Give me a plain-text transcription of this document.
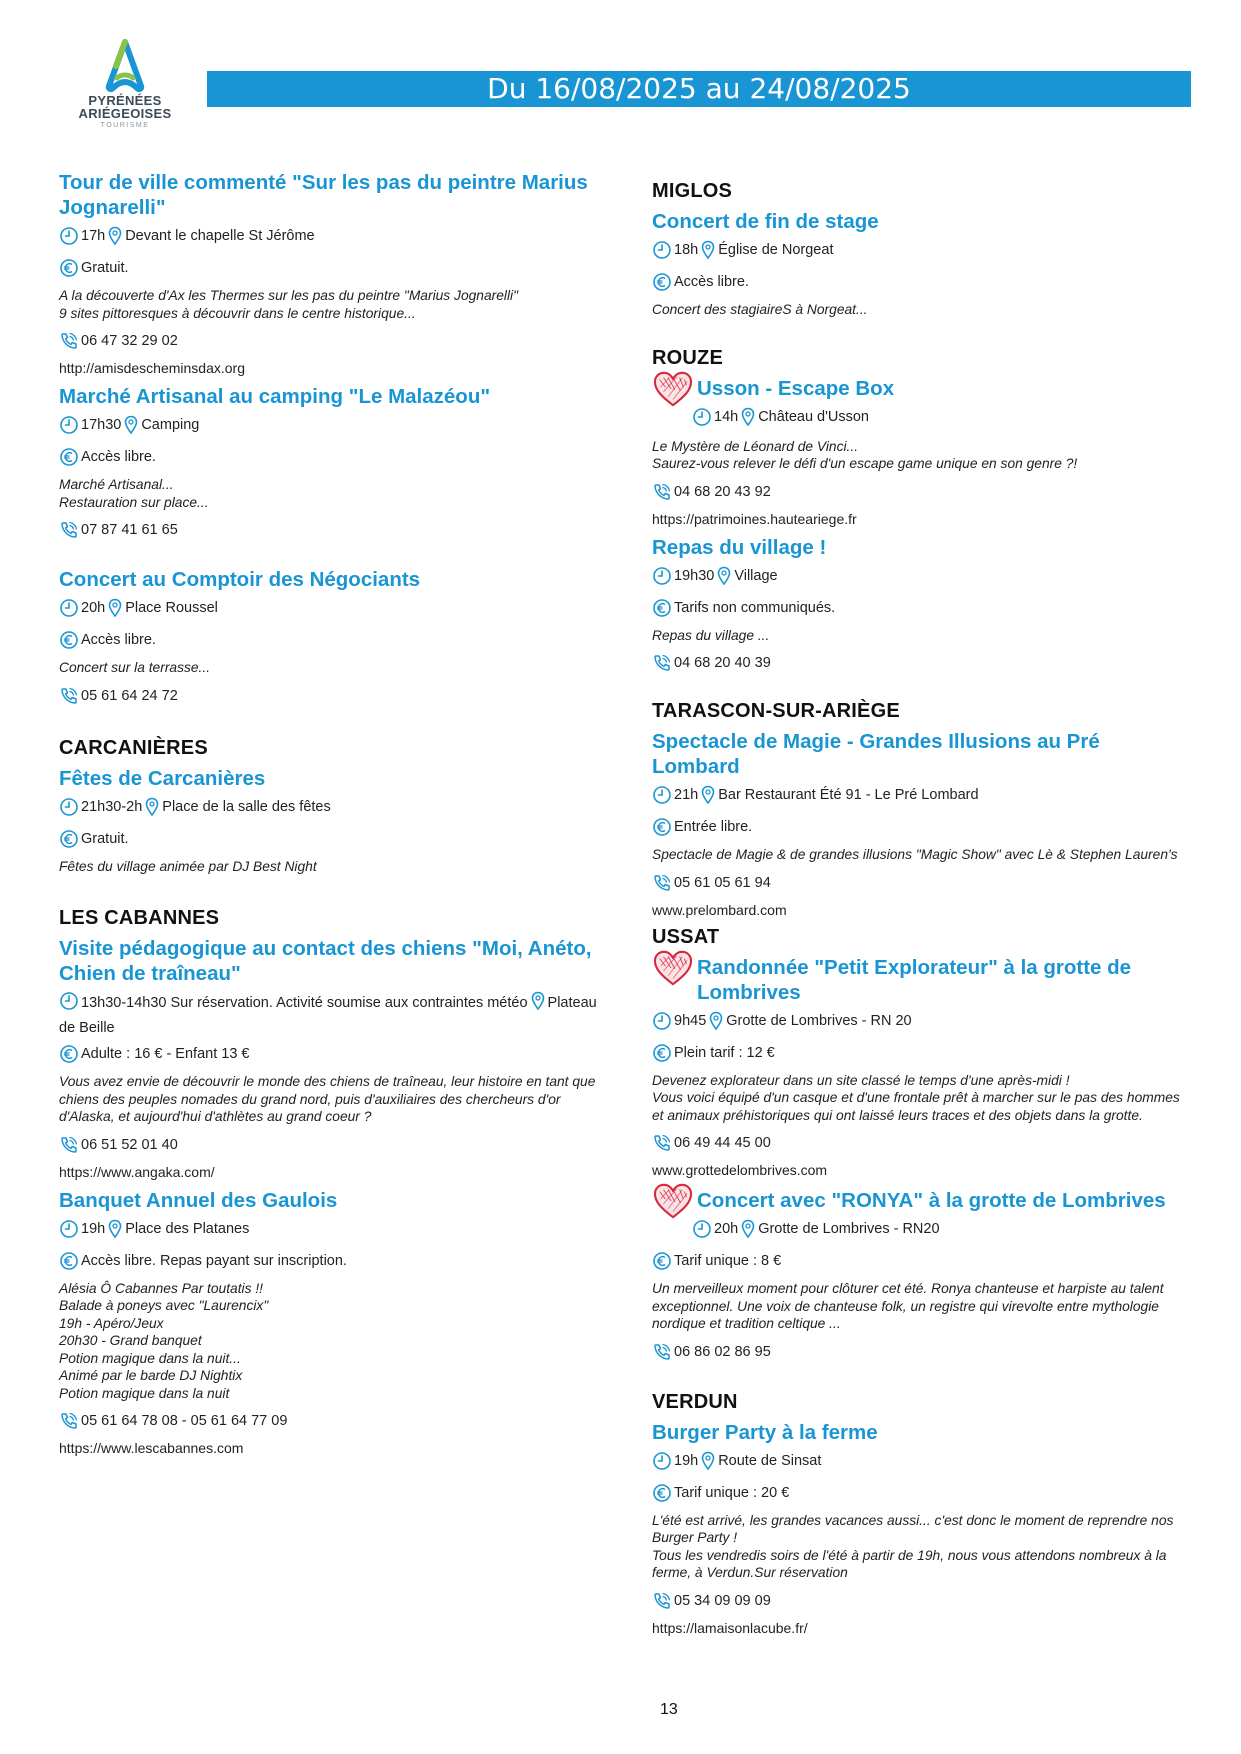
PYRÉNÉES
ARIÉGEOISES
TOURISME
Du 16/08/2025 au 24/08/2025
Tour de ville commenté "Sur les pas du peintre Marius Jognarelli"
17h Devant le chapelle St Jérôme
Gratuit.
A la découverte d'Ax les Thermes sur les pas du peintre "Marius Jognarelli"
9 sites pittoresques à découvrir dans le centre historique...
06 47 32 29 02
http://amisdescheminsdax.org
Marché Artisanal au camping "Le Malazéou"
17h30 Camping
Accès libre.
Marché Artisanal...
Restauration sur place...
07 87 41 61 65
Concert au Comptoir des Négociants
20h Place Roussel
Accès libre.
Concert sur la terrasse...
05 61 64 24 72
CARCANIÈRES
Fêtes de Carcanières
21h30-2h Place de la salle des fêtes
Gratuit.
Fêtes du village animée par DJ Best Night
LES CABANNES
Visite pédagogique au contact des chiens "Moi, Anéto, Chien de traîneau"
13h30-14h30 Sur réservation. Activité soumise aux contraintes météo Plateau de Beille
Adulte : 16 € - Enfant 13 €
Vous avez envie de découvrir le monde des chiens de traîneau, leur histoire en tant que chiens des peuples nomades du grand nord, puis d'auxiliaires des chercheurs d'or d'Alaska, et aujourd'hui d'athlètes au grand coeur ?
06 51 52 01 40
https://www.angaka.com/
Banquet Annuel des Gaulois
19h Place des Platanes
Accès libre. Repas payant sur inscription.
Alésia Ô Cabannes Par toutatis !!
Balade à poneys avec "Laurencix"
19h - Apéro/Jeux
20h30 - Grand banquet
Potion magique dans la nuit...
Animé par le barde DJ Nightix
Potion magique dans la nuit
05 61 64 78 08 - 05 61 64 77 09
https://www.lescabannes.com
MIGLOS
Concert de fin de stage
18h Église de Norgeat
Accès libre.
Concert des stagiaireS à Norgeat...
ROUZE
Usson - Escape Box
14h Château d'Usson
Le Mystère de Léonard de Vinci...
Saurez-vous relever le défi d'un escape game unique en son genre ?!
04 68 20 43 92
https://patrimoines.hauteariege.fr
Repas du village !
19h30 Village
Tarifs non communiqués.
Repas du village ...
04 68 20 40 39
TARASCON-SUR-ARIÈGE
Spectacle de Magie - Grandes Illusions au Pré Lombard
21h Bar Restaurant Été 91 - Le Pré Lombard
Entrée libre.
Spectacle de Magie & de grandes illusions "Magic Show" avec Lè & Stephen Lauren's
05 61 05 61 94
www.prelombard.com
USSAT
Randonnée "Petit Explorateur" à la grotte de Lombrives
9h45 Grotte de Lombrives - RN 20
Plein tarif : 12 €
Devenez explorateur dans un site classé le temps d'une après-midi !
Vous voici équipé d'un casque et d'une frontale prêt à marcher sur le pas des hommes et animaux préhistoriques qui ont laissé leurs traces et des objets dans la grotte.
06 49 44 45 00
www.grottedelombrives.com
Concert avec "RONYA" à la grotte de Lombrives
20h Grotte de Lombrives - RN20
Tarif unique : 8 €
Un merveilleux moment pour clôturer cet été. Ronya chanteuse et harpiste au talent exceptionnel. Une voix de chanteuse folk, un registre qui virevolte entre mythologie nordique et tradition celtique ...
06 86 02 86 95
VERDUN
Burger Party à la ferme
19h Route de Sinsat
Tarif unique : 20 €
L'été est arrivé, les grandes vacances aussi... c'est donc le moment de reprendre nos Burger Party !
Tous les vendredis soirs de l'été à partir de 19h, nous vous attendons nombreux à la ferme, à Verdun.Sur réservation
05 34 09 09 09
https://lamaisonlacube.fr/
13
